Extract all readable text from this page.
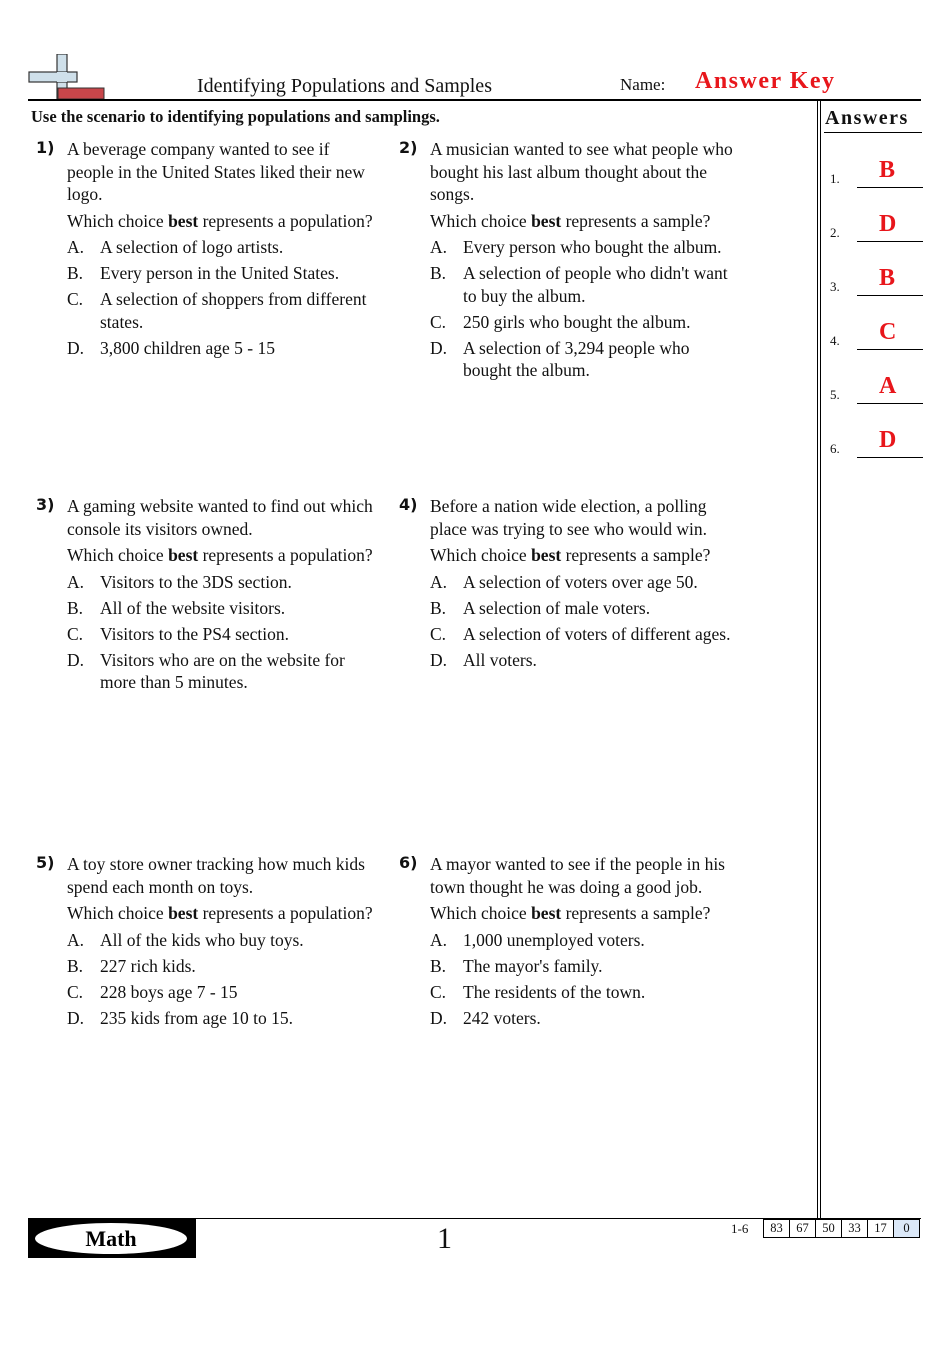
Identifying Populations and Samples	Name: Answer Key
Use the scenario to identifying populations and samplings.	Answers
1. B
2. D
3. B
4. C
5. A
6. D
1) A beverage company wanted to see if people in the United States liked their new logo.

Which choice best represents a population?

A. A selection of logo artists.
B. Every person in the United States.
C. A selection of shoppers from different states.
D. 3,800 children age 5 - 15
2) A musician wanted to see what people who bought his last album thought about the songs.

Which choice best represents a sample?

A. Every person who bought the album.
B. A selection of people who didn't want to buy the album.
C. 250 girls who bought the album.
D. A selection of 3,294 people who bought the album.
3) A gaming website wanted to find out which console its visitors owned.

Which choice best represents a population?

A. Visitors to the 3DS section.
B. All of the website visitors.
C. Visitors to the PS4 section.
D. Visitors who are on the website for more than 5 minutes.
4) Before a nation wide election, a polling place was trying to see who would win.

Which choice best represents a sample?

A. A selection of voters over age 50.
B. A selection of male voters.
C. A selection of voters of different ages.
D. All voters.
5) A toy store owner tracking how much kids spend each month on toys.

Which choice best represents a population?

A. All of the kids who buy toys.
B. 227 rich kids.
C. 228 boys age 7 - 15
D. 235 kids from age 10 to 15.
6) A mayor wanted to see if the people in his town thought he was doing a good job.

Which choice best represents a sample?

A. 1,000 unemployed voters.
B. The mayor's family.
C. The residents of the town.
D. 242 voters.
Math	1	1-6	83	67	50	33	17	0
